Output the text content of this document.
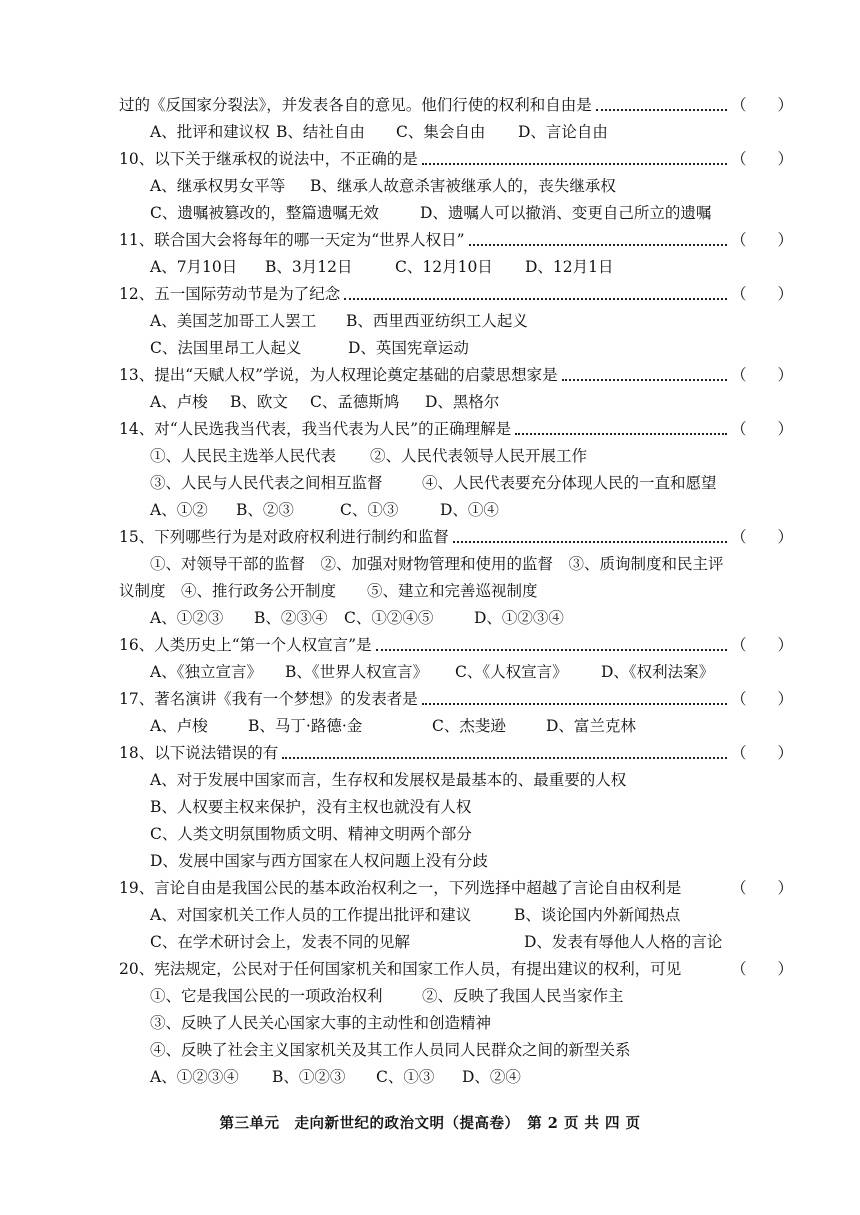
过的《反国家分裂法》，并发表各自的意见。他们行使的权利和自由是	（　　）
A、批评和建议权 B、结社自由	C、集会自由	D、言论自由
10、以下关于继承权的说法中，不正确的是	（　　）
A、继承权男女平等	B、继承人故意杀害被继承人的，丧失继承权
C、遗嘱被篡改的，整篇遗嘱无效	D、遗嘱人可以撤消、变更自己所立的遗嘱
11、联合国大会将每年的哪一天定为“世界人权日”	（　　）
A、7月10日	B、3月12日	C、12月10日	D、12月1日
12、五一国际劳动节是为了纪念	（　　）
A、美国芝加哥工人罢工	B、西里西亚纺织工人起义
C、法国里昂工人起义	D、英国宪章运动
13、提出“天赋人权”学说，为人权理论奠定基础的启蒙思想家是	（　　）
A、卢梭	B、欧文	C、孟德斯鸠	D、黑格尔
14、对“人民选我当代表，我当代表为人民”的正确理解是	（　　）
①、人民民主选举人民代表	②、人民代表领导人民开展工作
③、人民与人民代表之间相互监督	④、人民代表要充分体现人民的一直和愿望
A、①②	B、②③	C、①③	D、①④
15、下列哪些行为是对政府权利进行制约和监督	（　　）
①、对领导干部的监督　②、加强对财物管理和使用的监督　③、质询制度和民主评
议制度　④、推行政务公开制度　　⑤、建立和完善巡视制度
A、①②③	B、②③④	C、①②④⑤	D、①②③④
16、人类历史上“第一个人权宣言”是	（　　）
A、《独立宣言》	B、《世界人权宣言》	C、《人权宣言》	D、《权利法案》
17、著名演讲《我有一个梦想》的发表者是	（　　）
A、卢梭	B、马丁·路德·金	C、杰斐逊	D、富兰克林
18、以下说法错误的有	（　　）
A、对于发展中国家而言，生存权和发展权是最基本的、最重要的人权
B、人权要主权来保护，没有主权也就没有人权
C、人类文明氛围物质文明、精神文明两个部分
D、发展中国家与西方国家在人权问题上没有分歧
19、言论自由是我国公民的基本政治权利之一，下列选择中超越了言论自由权利是	（　　）
A、对国家机关工作人员的工作提出批评和建议	B、谈论国内外新闻热点
C、在学术研讨会上，发表不同的见解	D、发表有辱他人人格的言论
20、宪法规定，公民对于任何国家机关和国家工作人员，有提出建议的权利，可见	（　　）
①、它是我国公民的一项政治权利	②、反映了我国人民当家作主
③、反映了人民关心国家大事的主动性和创造精神
④、反映了社会主义国家机关及其工作人员同人民群众之间的新型关系
A、①②③④	B、①②③	C、①③	D、②④
第三单元　走向新世纪的政治文明（提高卷）　第 2 页 共 四 页
